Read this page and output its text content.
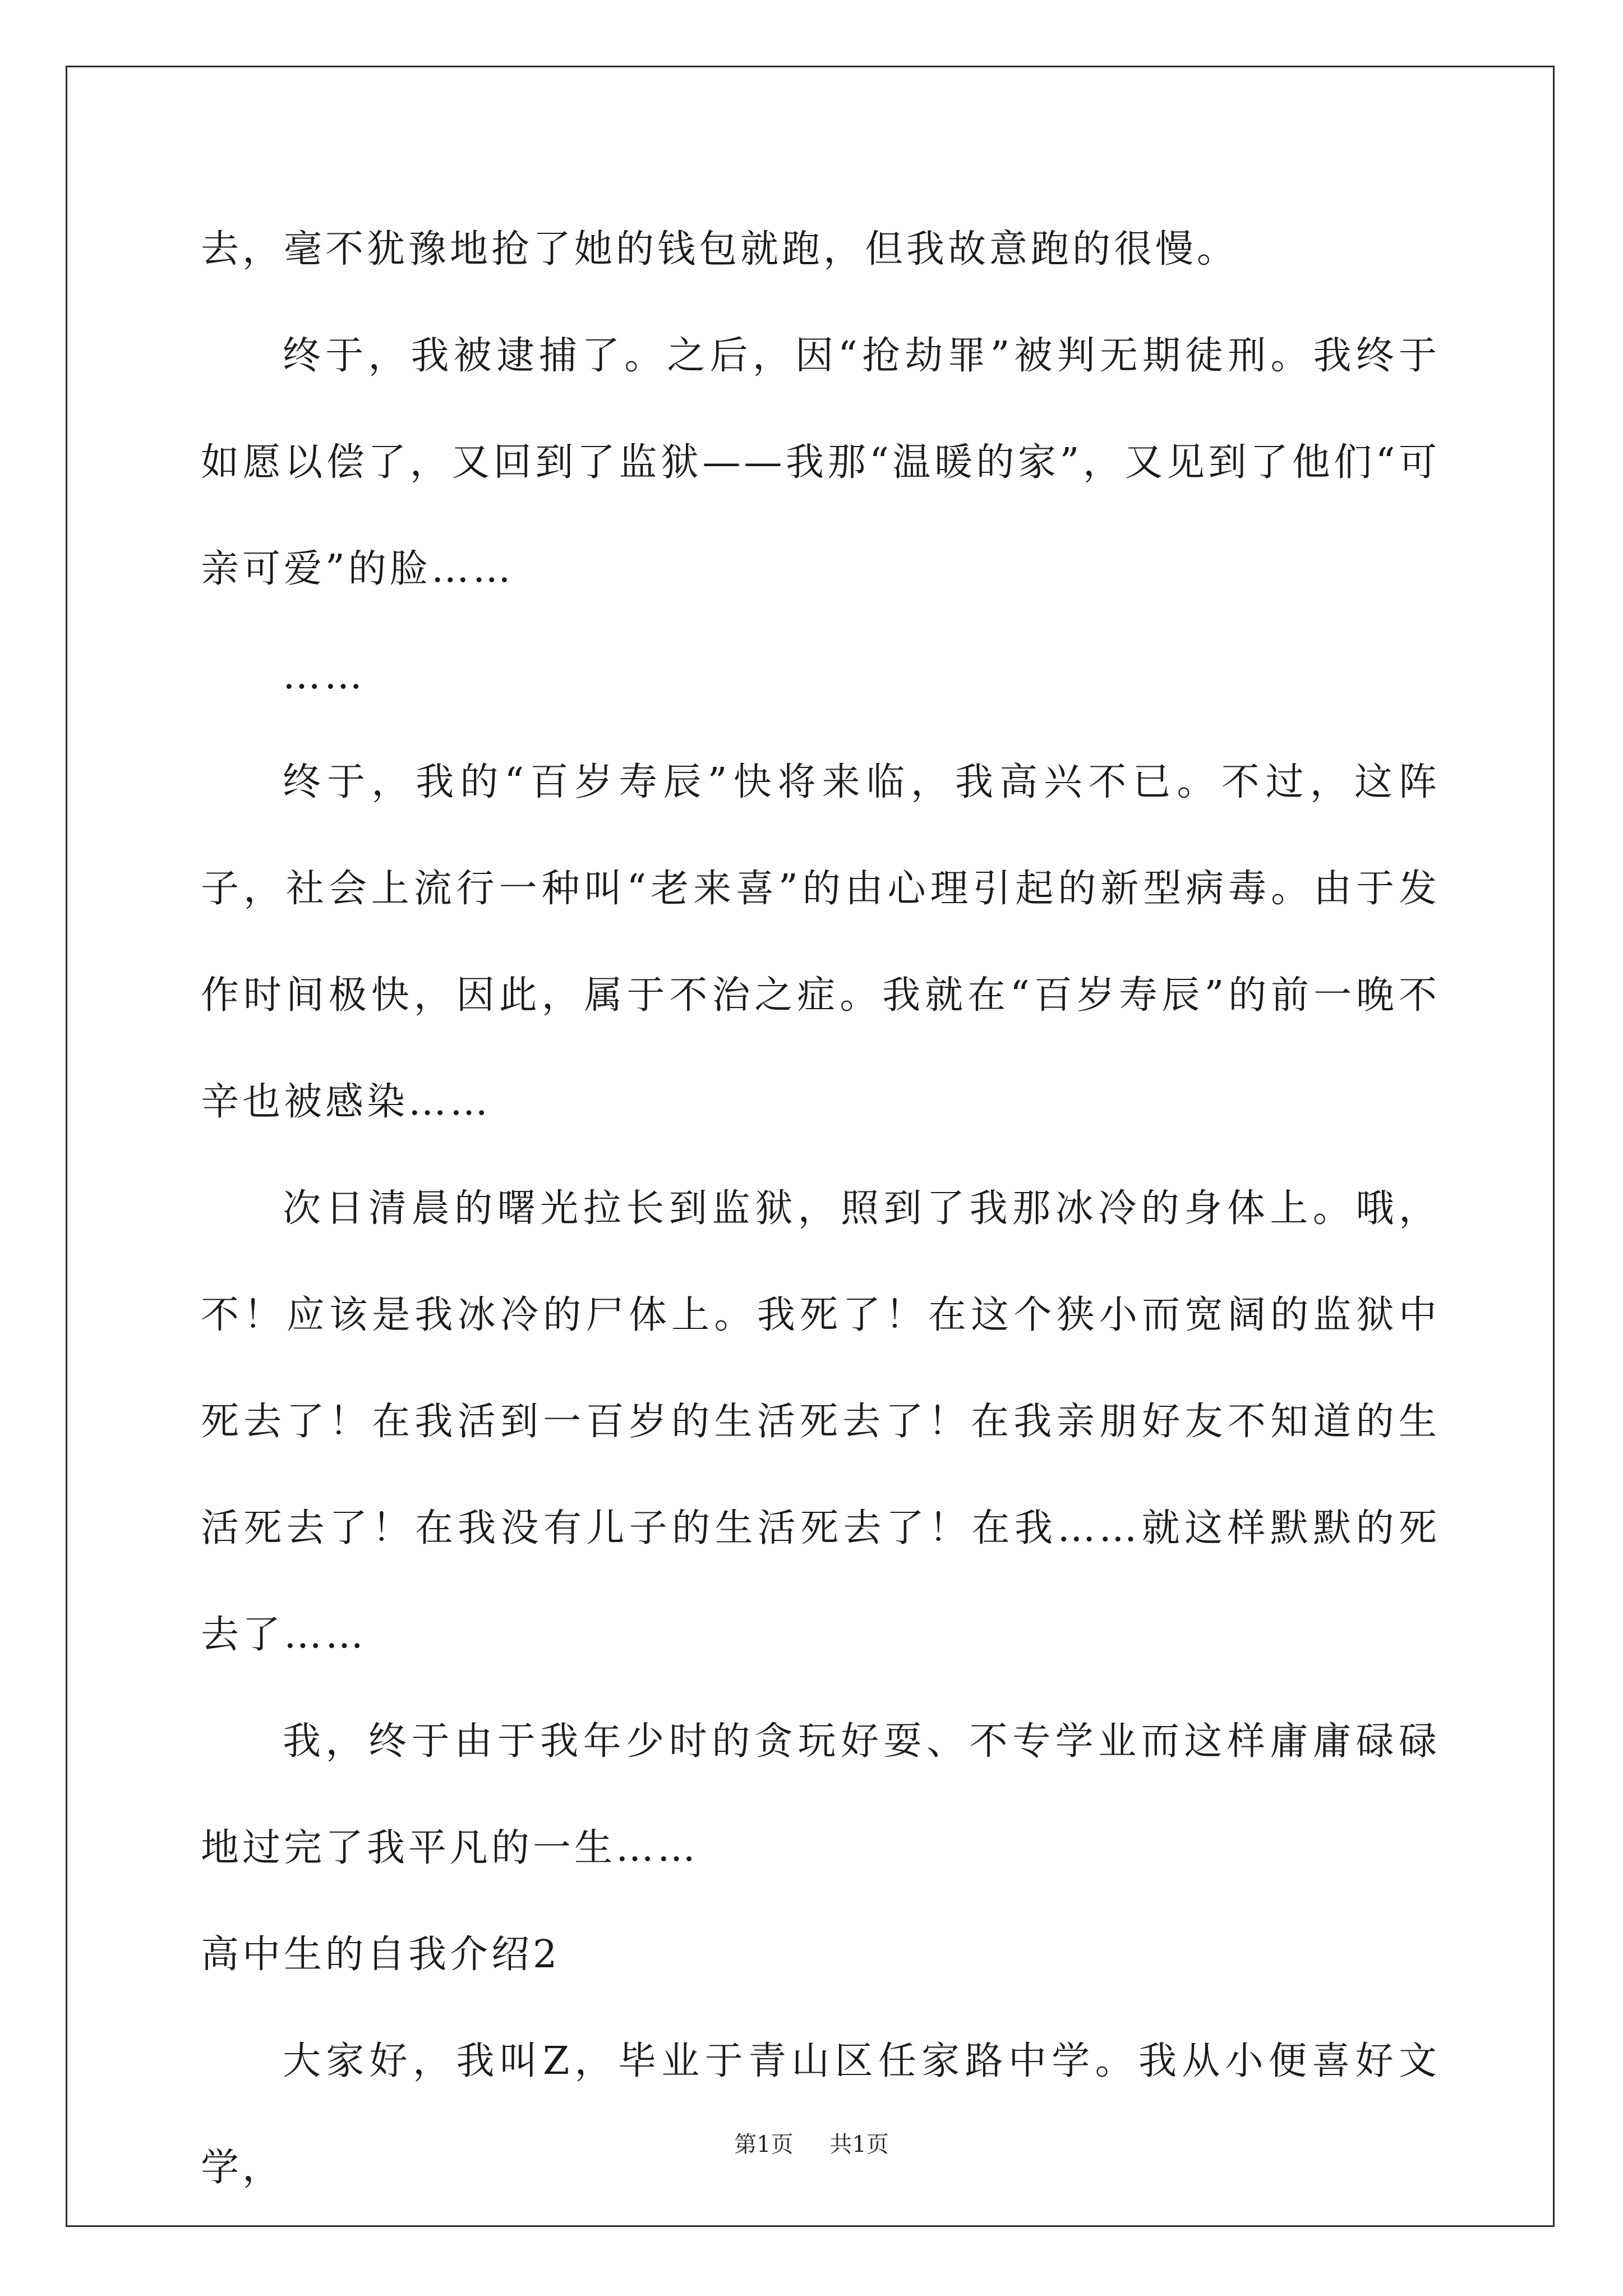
去，毫不犹豫地抢了她的钱包就跑，但我故意跑的很慢。

终于，我被逮捕了。之后，因“抢劫罪”被判无期徒刑。我终于如愿以偿了，又回到了监狱——我那“温暖的家”，又见到了他们“可亲可爱”的脸……

……

终于，我的“百岁寿辰”快将来临，我高兴不已。不过，这阵子，社会上流行一种叫“老来喜”的由心理引起的新型病毒。由于发作时间极快，因此，属于不治之症。我就在“百岁寿辰”的前一晚不辛也被感染……

次日清晨的曙光拉长到监狱，照到了我那冰冷的身体上。哦，不！应该是我冰冷的尸体上。我死了！在这个狭小而宽阔的监狱中死去了！在我活到一百岁的生活死去了！在我亲朋好友不知道的生活死去了！在我没有儿子的生活死去了！在我……就这样默默的死去了……

我，终于由于我年少时的贪玩好耍、不专学业而这样庸庸碌碌地过完了我平凡的一生……

高中生的自我介绍2

大家好，我叫Z，毕业于青山区任家路中学。我从小便喜好文学，

第1页 共1页
